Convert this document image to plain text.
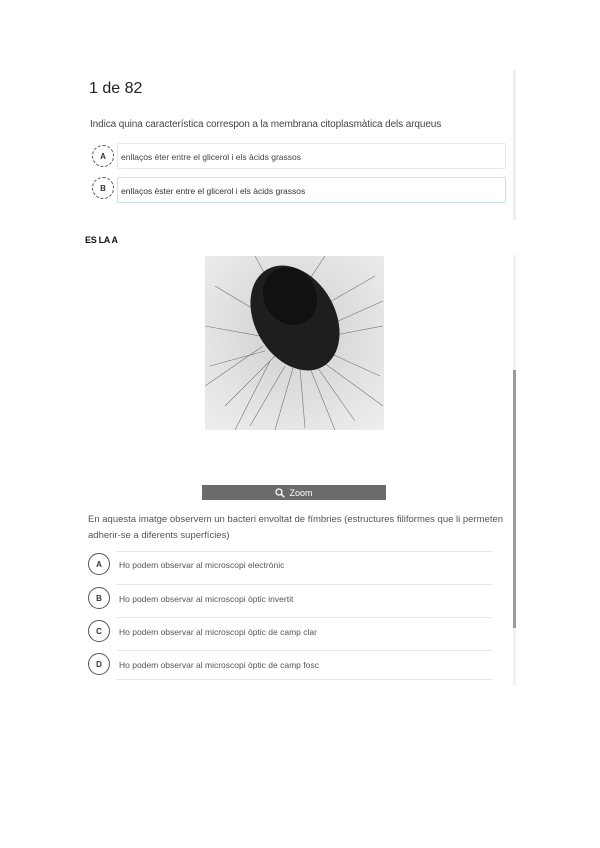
1 de 82
Indica quina característica correspon a la membrana citoplasmàtica dels arqueus
A enllaços èter entre el glicerol i els àcids grassos
B enllaços èster entre el glicerol i els àcids grassos
ES LA A
Zoom
En aquesta imatge observem un bacteri envoltat de fímbries (estructures filiformes que li permeten adherir-se a diferents superfícies)
A Ho podem observar al microscopi electrònic
B Ho podem observar al microscopi òptic invertit
C Ho podem observar al microscopi òptic de camp clar
D Ho podem observar al microscopi òptic de camp fosc
